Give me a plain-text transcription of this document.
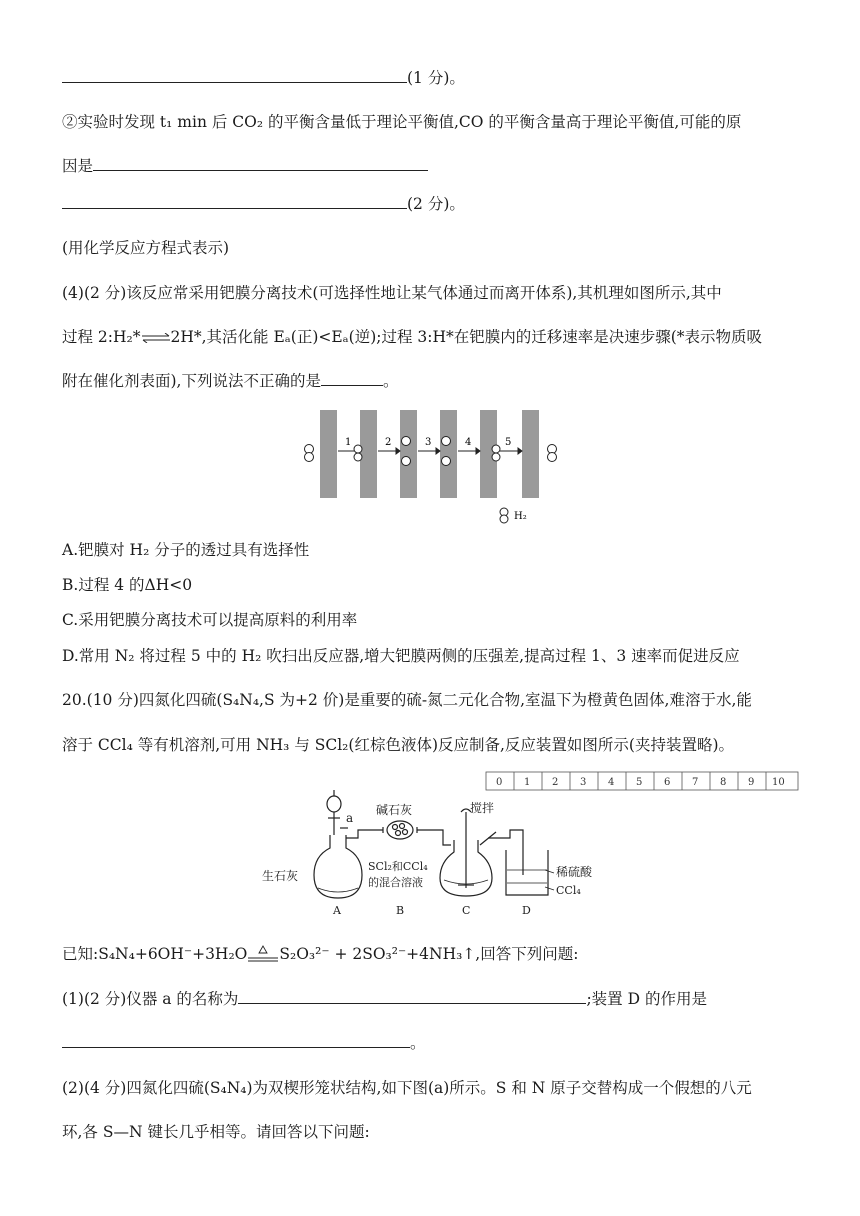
(1 分)。
②实验时发现 t₁ min 后 CO₂ 的平衡含量低于理论平衡值,CO 的平衡含量高于理论平衡值,可能的原
因是
(2 分)。
(用化学反应方程式表示)
(4)(2 分)该反应常采用钯膜分离技术(可选择性地让某气体通过而离开体系),其机理如图所示,其中
过程 2:H₂*⇌2H*,其活化能 Eₐ(正)<Eₐ(逆);过程 3:H*在钯膜内的迁移速率是决速步骤(*表示物质吸
附在催化剂表面),下列说法不正确的是	。
1	2	3	4	5
H₂
A.钯膜对 H₂ 分子的透过具有选择性
B.过程 4 的ΔH<0
C.采用钯膜分离技术可以提高原料的利用率
D.常用 N₂ 将过程 5 中的 H₂ 吹扫出反应器,增大钯膜两侧的压强差,提高过程 1、3 速率而促进反应
20.(10 分)四氮化四硫(S₄N₄,S 为+2 价)是重要的硫-氮二元化合物,室温下为橙黄色固体,难溶于水,能
溶于 CCl₄ 等有机溶剂,可用 NH₃ 与 SCl₂(红棕色液体)反应制备,反应装置如图所示(夹持装置略)。
0 1 2 3 4 5 6 7 8 9 10
a
碱石灰	搅拌
生石灰
SCl₂和CCl₄
的混合溶液
稀硫酸
CCl₄
A	B	C	D
已知:S₄N₄+6OH⁻+3H₂O S₂O₃²⁻ + 2SO₃²⁻+4NH₃↑,回答下列问题:
(1)(2 分)仪器 a 的名称为	;装置 D 的作用是
。
(2)(4 分)四氮化四硫(S₄N₄)为双楔形笼状结构,如下图(a)所示。S 和 N 原子交替构成一个假想的八元
环,各 S—N 键长几乎相等。请回答以下问题:
